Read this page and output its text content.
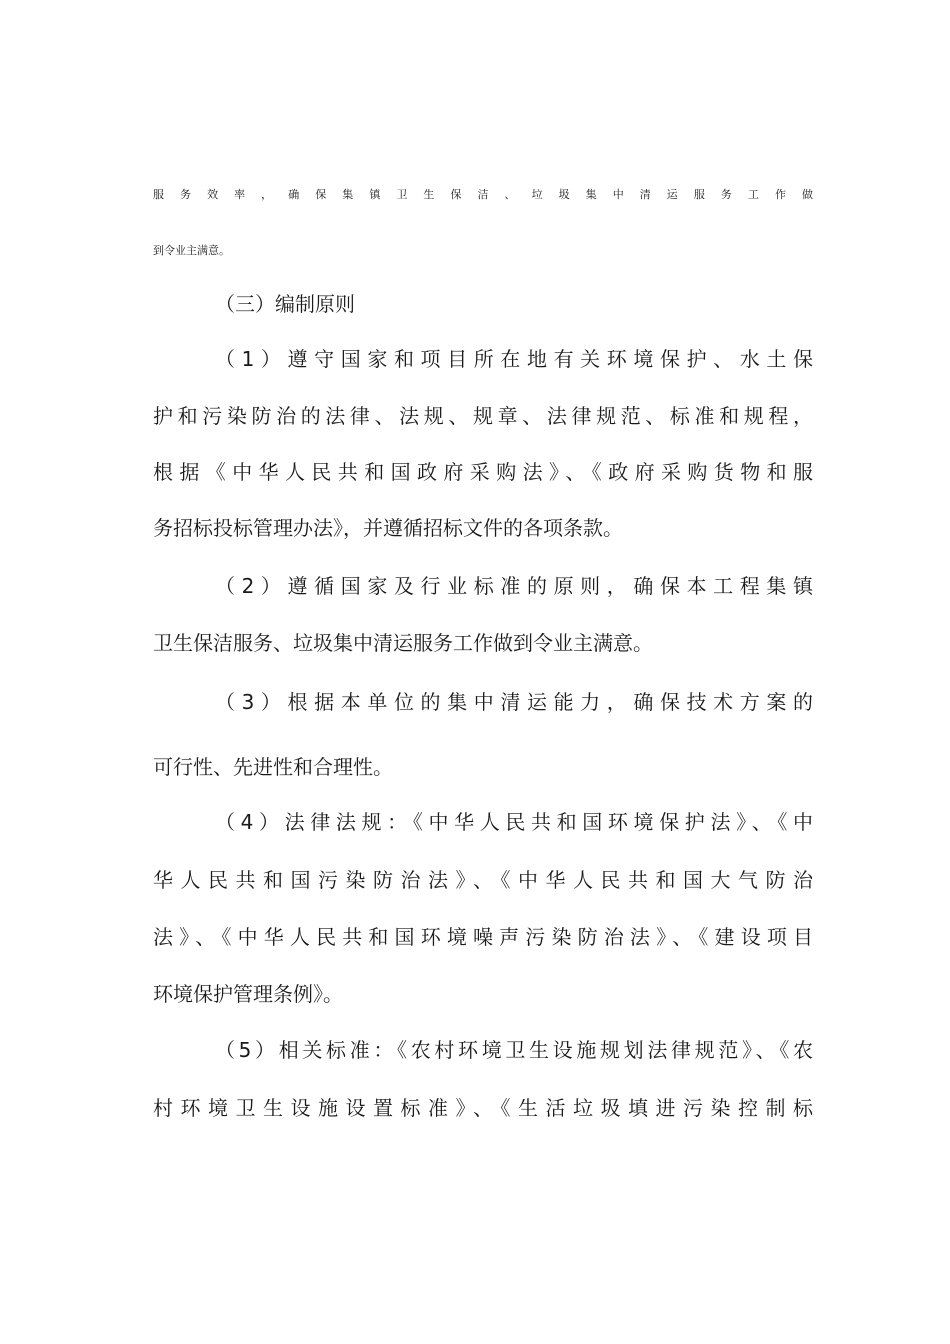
服务效率，确保集镇卫生保洁、垃圾集中清运服务工作做
到令业主满意。
（三）编制原则
（1）遵守国家和项目所在地有关环境保护、水土保
护和污染防治的法律、法规、规章、法律规范、标准和规程，
根据《中华人民共和国政府采购法》、《政府采购货物和服
务招标投标管理办法》，并遵循招标文件的各项条款。
（2）遵循国家及行业标准的原则，确保本工程集镇
卫生保洁服务、垃圾集中清运服务工作做到令业主满意。
（3）根据本单位的集中清运能力，确保技术方案的
可行性、先进性和合理性。
（4）法律法规：《中华人民共和国环境保护法》、《中
华人民共和国污染防治法》、《中华人民共和国大气防治
法》、《中华人民共和国环境噪声污染防治法》、《建设项目
环境保护管理条例》。
（5）相关标准：《农村环境卫生设施规划法律规范》、《农
村环境卫生设施设置标准》、《生活垃圾填进污染控制标
